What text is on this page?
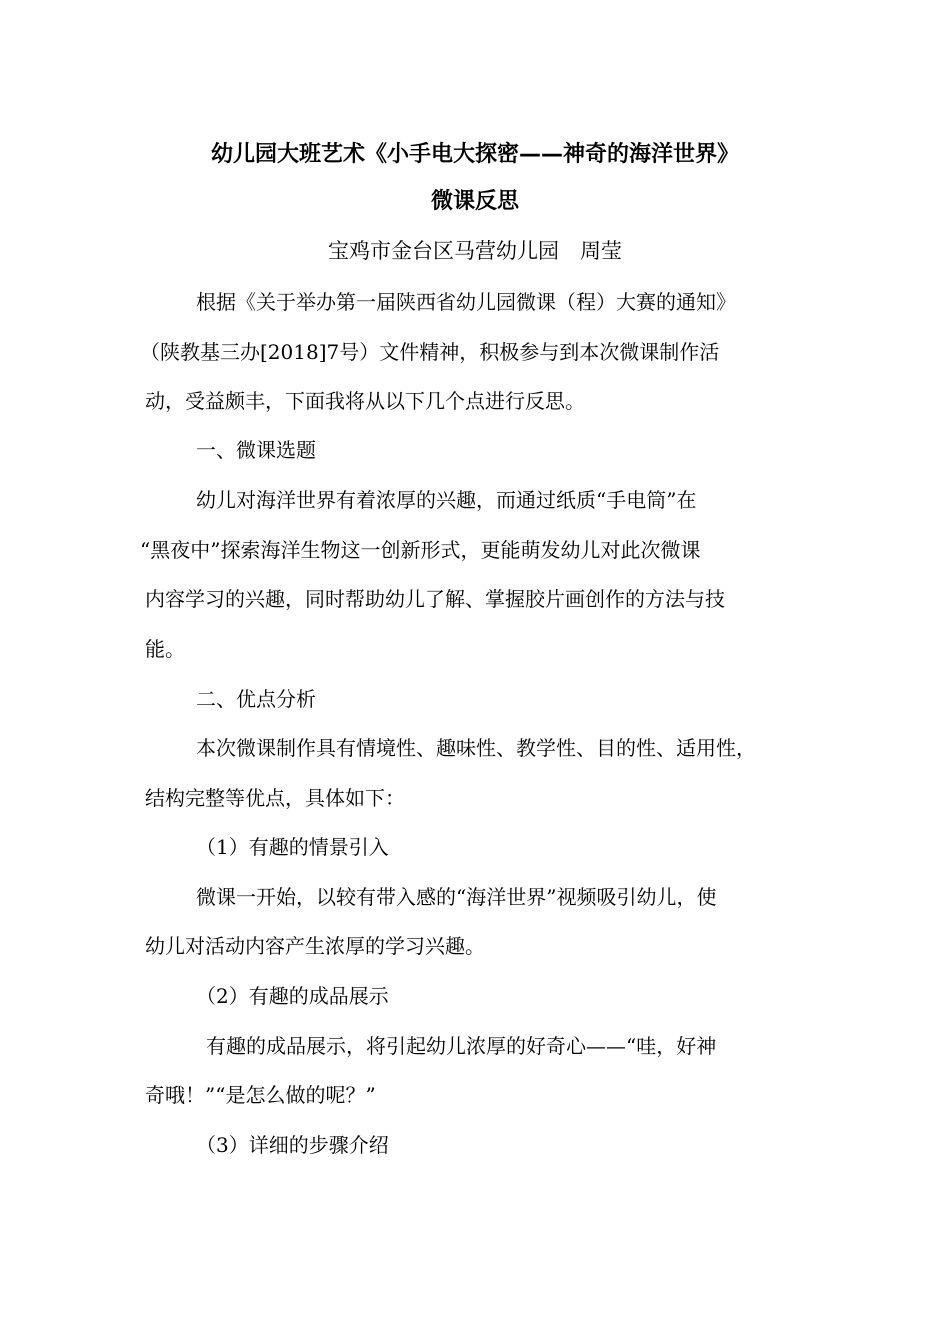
幼儿园大班艺术《小手电大探密——神奇的海洋世界》
微课反思
宝鸡市金台区马营幼儿园　周莹
根据《关于举办第一届陕西省幼儿园微课（程）大赛的通知》
（陕教基三办[2018]7号）文件精神，积极参与到本次微课制作活
动，受益颇丰，下面我将从以下几个点进行反思。
一、微课选题
幼儿对海洋世界有着浓厚的兴趣，而通过纸质“手电筒”在
“黑夜中”探索海洋生物这一创新形式，更能萌发幼儿对此次微课
内容学习的兴趣，同时帮助幼儿了解、掌握胶片画创作的方法与技
能。
二、优点分析
本次微课制作具有情境性、趣味性、教学性、目的性、适用性，
结构完整等优点，具体如下：
（1）有趣的情景引入
微课一开始，以较有带入感的“海洋世界”视频吸引幼儿，使
幼儿对活动内容产生浓厚的学习兴趣。
（2）有趣的成品展示
有趣的成品展示，将引起幼儿浓厚的好奇心——“哇，好神
奇哦！”“是怎么做的呢？”
（3）详细的步骤介绍
